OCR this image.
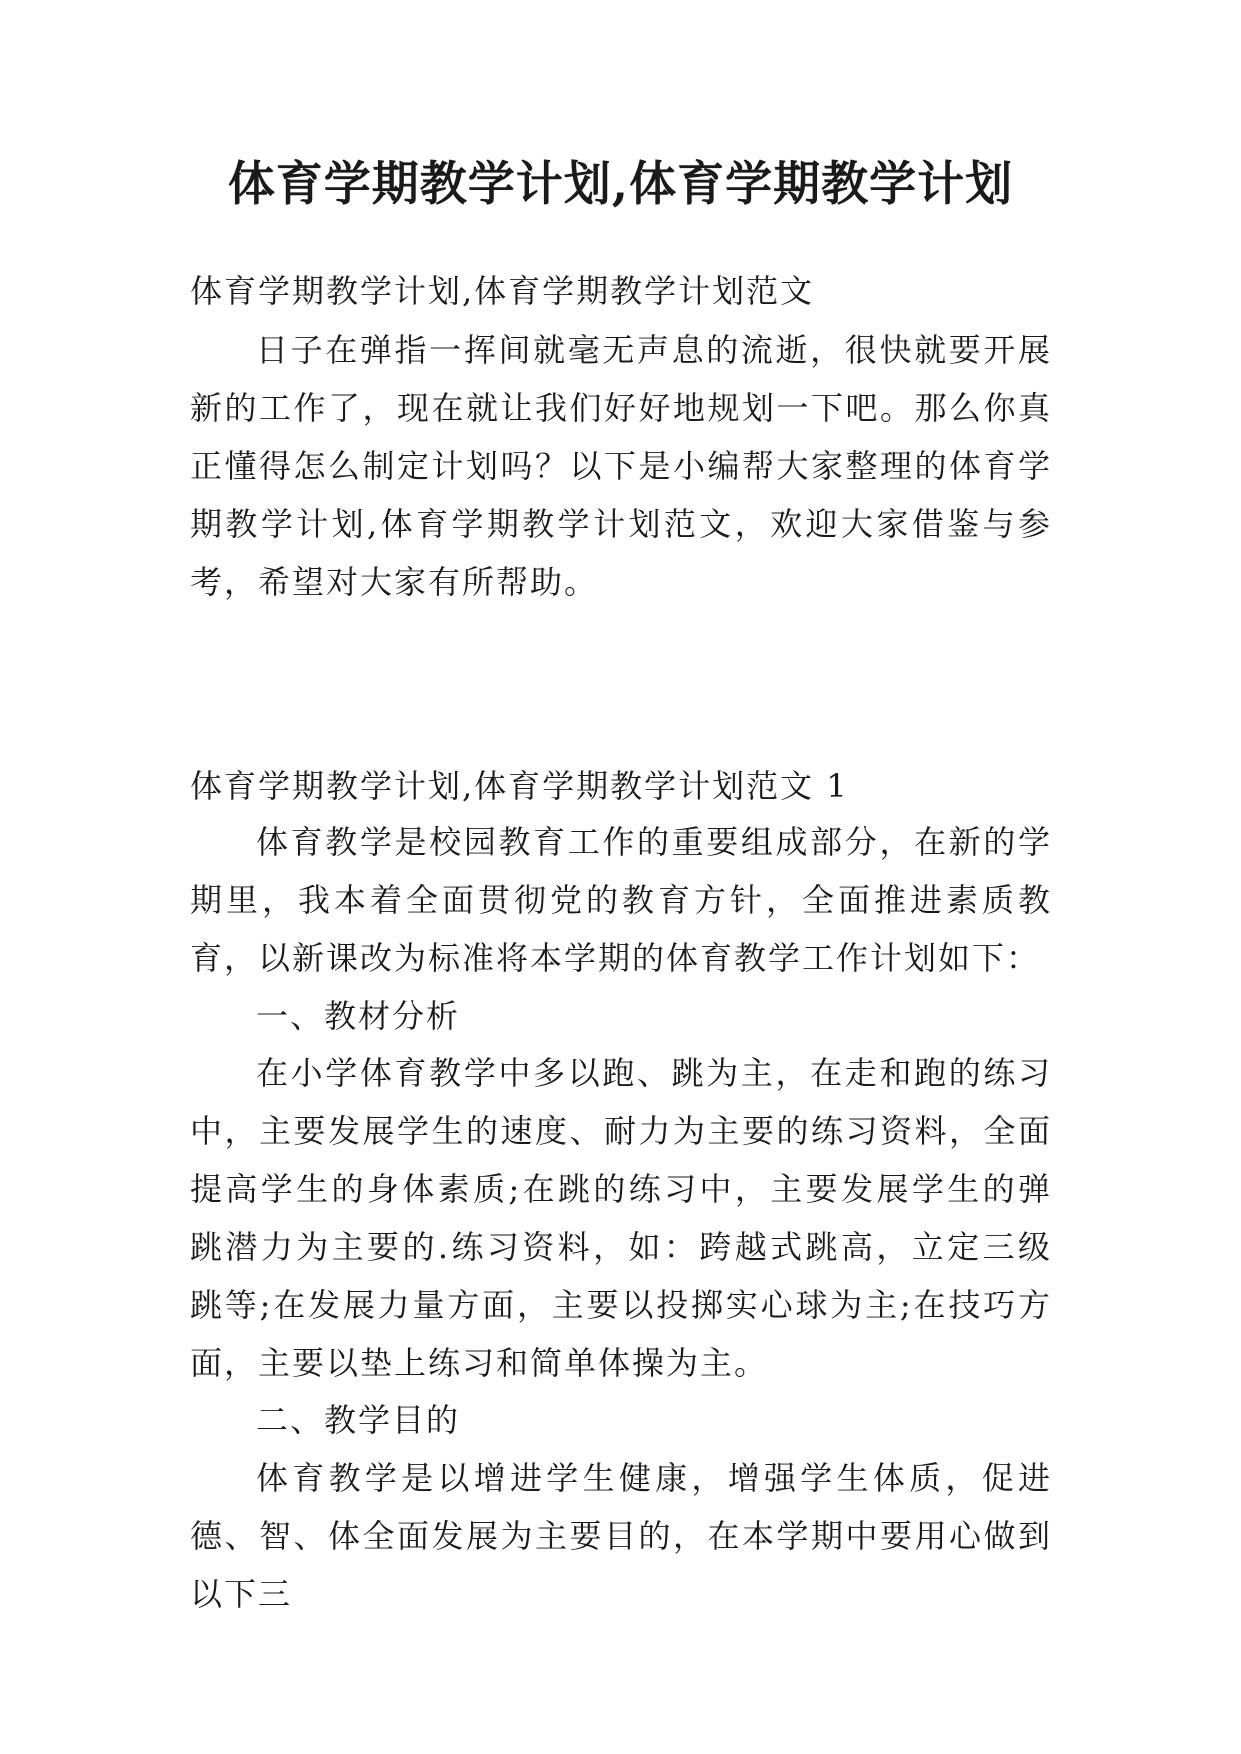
体育学期教学计划,体育学期教学计划

体育学期教学计划,体育学期教学计划范文

日子在弹指一挥间就毫无声息的流逝，很快就要开展新的工作了，现在就让我们好好地规划一下吧。那么你真正懂得怎么制定计划吗？以下是小编帮大家整理的体育学期教学计划,体育学期教学计划范文，欢迎大家借鉴与参考，希望对大家有所帮助。

体育学期教学计划,体育学期教学计划范文 1

体育教学是校园教育工作的重要组成部分，在新的学期里，我本着全面贯彻党的教育方针，全面推进素质教育，以新课改为标准将本学期的体育教学工作计划如下：

一、教材分析

在小学体育教学中多以跑、跳为主，在走和跑的练习中，主要发展学生的速度、耐力为主要的练习资料，全面提高学生的身体素质;在跳的练习中，主要发展学生的弹跳潜力为主要的.练习资料，如：跨越式跳高，立定三级跳等;在发展力量方面，主要以投掷实心球为主;在技巧方面，主要以垫上练习和简单体操为主。

二、教学目的

体育教学是以增进学生健康，增强学生体质，促进德、智、体全面发展为主要目的，在本学期中要用心做到以下三
